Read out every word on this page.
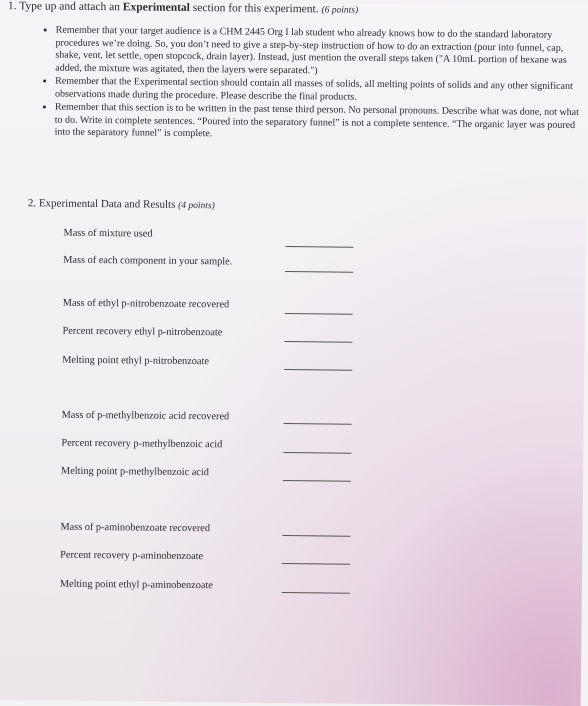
1. Type up and attach an Experimental section for this experiment. (6 points)
• Remember that your target audience is a CHM 2445 Org I lab student who already knows how to do the standard laboratory procedures we’re doing. So, you don’t need to give a step-by-step instruction of how to do an extraction (pour into funnel, cap, shake, vent, let settle, open stopcock, drain layer). Instead, just mention the overall steps taken ("A 10mL portion of hexane was added, the mixture was agitated, then the layers were separated.")
• Remember that the Experimental section should contain all masses of solids, all melting points of solids and any other significant observations made during the procedure. Please describe the final products.
• Remember that this section is to be written in the past tense third person. No personal pronouns. Describe what was done, not what to do. Write in complete sentences. “Poured into the separatory funnel” is not a complete sentence. “The organic layer was poured into the separatory funnel” is complete.
2. Experimental Data and Results (4 points)
Mass of mixture used
Mass of each component in your sample.
Mass of ethyl p-nitrobenzoate recovered
Percent recovery ethyl p-nitrobenzoate
Melting point ethyl p-nitrobenzoate
Mass of p-methylbenzoic acid recovered
Percent recovery p-methylbenzoic acid
Melting point p-methylbenzoic acid
Mass of p-aminobenzoate recovered
Percent recovery p-aminobenzoate
Melting point ethyl p-aminobenzoate
